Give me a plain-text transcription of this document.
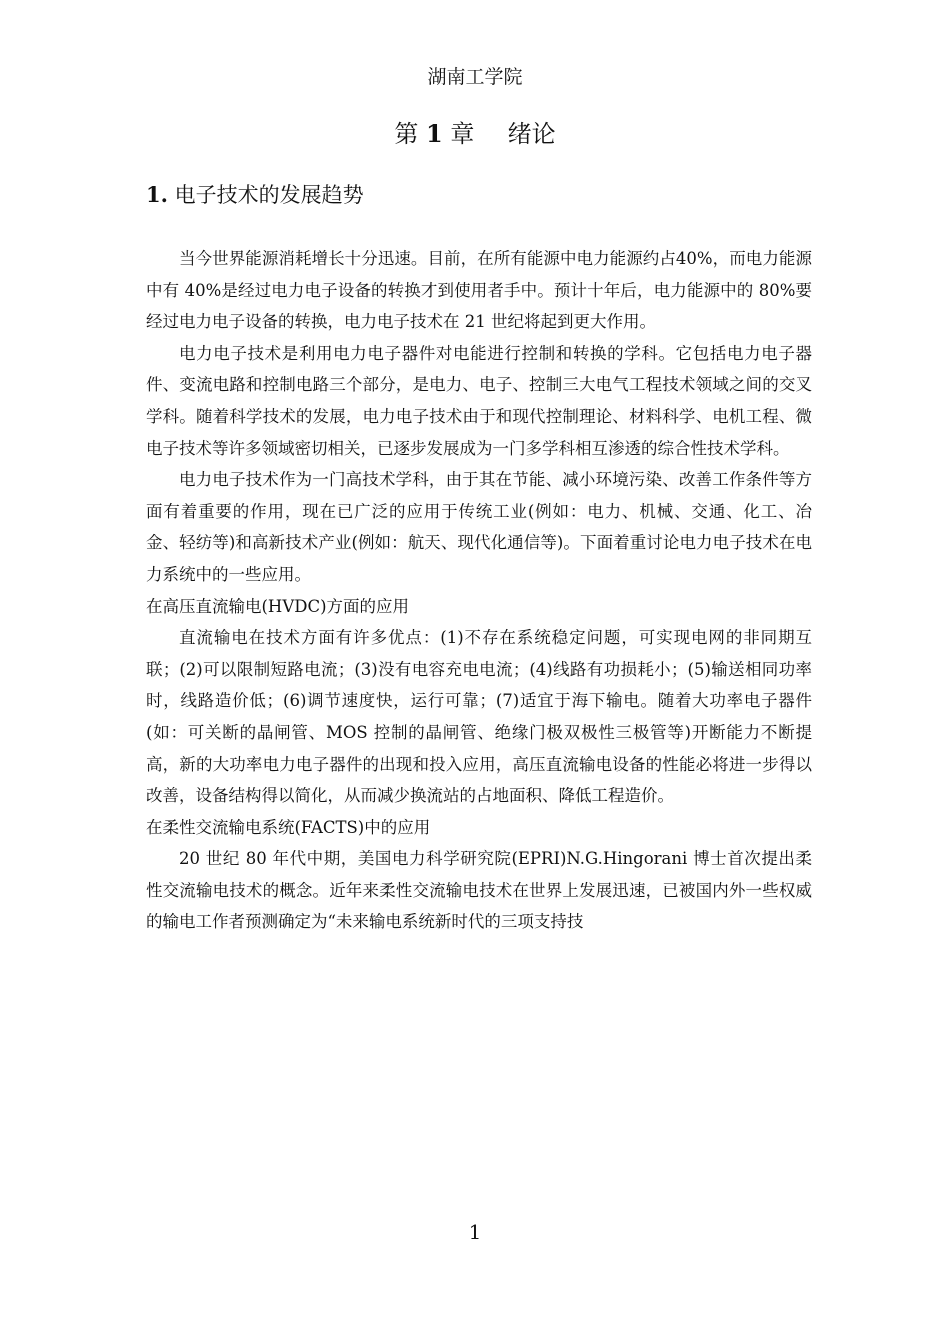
湖南工学院
第 1 章 绪论
1. 电子技术的发展趋势

当今世界能源消耗增长十分迅速。目前，在所有能源中电力能源约占40%，而电力能源中有 40%是经过电力电子设备的转换才到使用者手中。预计十年后，电力能源中的 80%要经过电力电子设备的转换，电力电子技术在 21 世纪将起到更大作用。

电力电子技术是利用电力电子器件对电能进行控制和转换的学科。它包括电力电子器件、变流电路和控制电路三个部分，是电力、电子、控制三大电气工程技术领域之间的交叉学科。随着科学技术的发展，电力电子技术由于和现代控制理论、材料科学、电机工程、微电子技术等许多领域密切相关，已逐步发展成为一门多学科相互渗透的综合性技术学科。

电力电子技术作为一门高技术学科，由于其在节能、减小环境污染、改善工作条件等方面有着重要的作用，现在已广泛的应用于传统工业(例如：电力、机械、交通、化工、冶金、轻纺等)和高新技术产业(例如：航天、现代化通信等)。下面着重讨论电力电子技术在电力系统中的一些应用。

在高压直流输电(HVDC)方面的应用

直流输电在技术方面有许多优点：(1)不存在系统稳定问题，可实现电网的非同期互联；(2)可以限制短路电流；(3)没有电容充电电流；(4)线路有功损耗小；(5)输送相同功率时，线路造价低；(6)调节速度快，运行可靠；(7)适宜于海下输电。随着大功率电子器件(如：可关断的晶闸管、MOS 控制的晶闸管、绝缘门极双极性三极管等)开断能力不断提高，新的大功率电力电子器件的出现和投入应用，高压直流输电设备的性能必将进一步得以改善，设备结构得以简化，从而减少换流站的占地面积、降低工程造价。

在柔性交流输电系统(FACTS)中的应用

20 世纪 80 年代中期，美国电力科学研究院(EPRI)N.G.Hingorani 博士首次提出柔性交流输电技术的概念。近年来柔性交流输电技术在世界上发展迅速，已被国内外一些权威的输电工作者预测确定为“未来输电系统新时代的三项支持技

1
